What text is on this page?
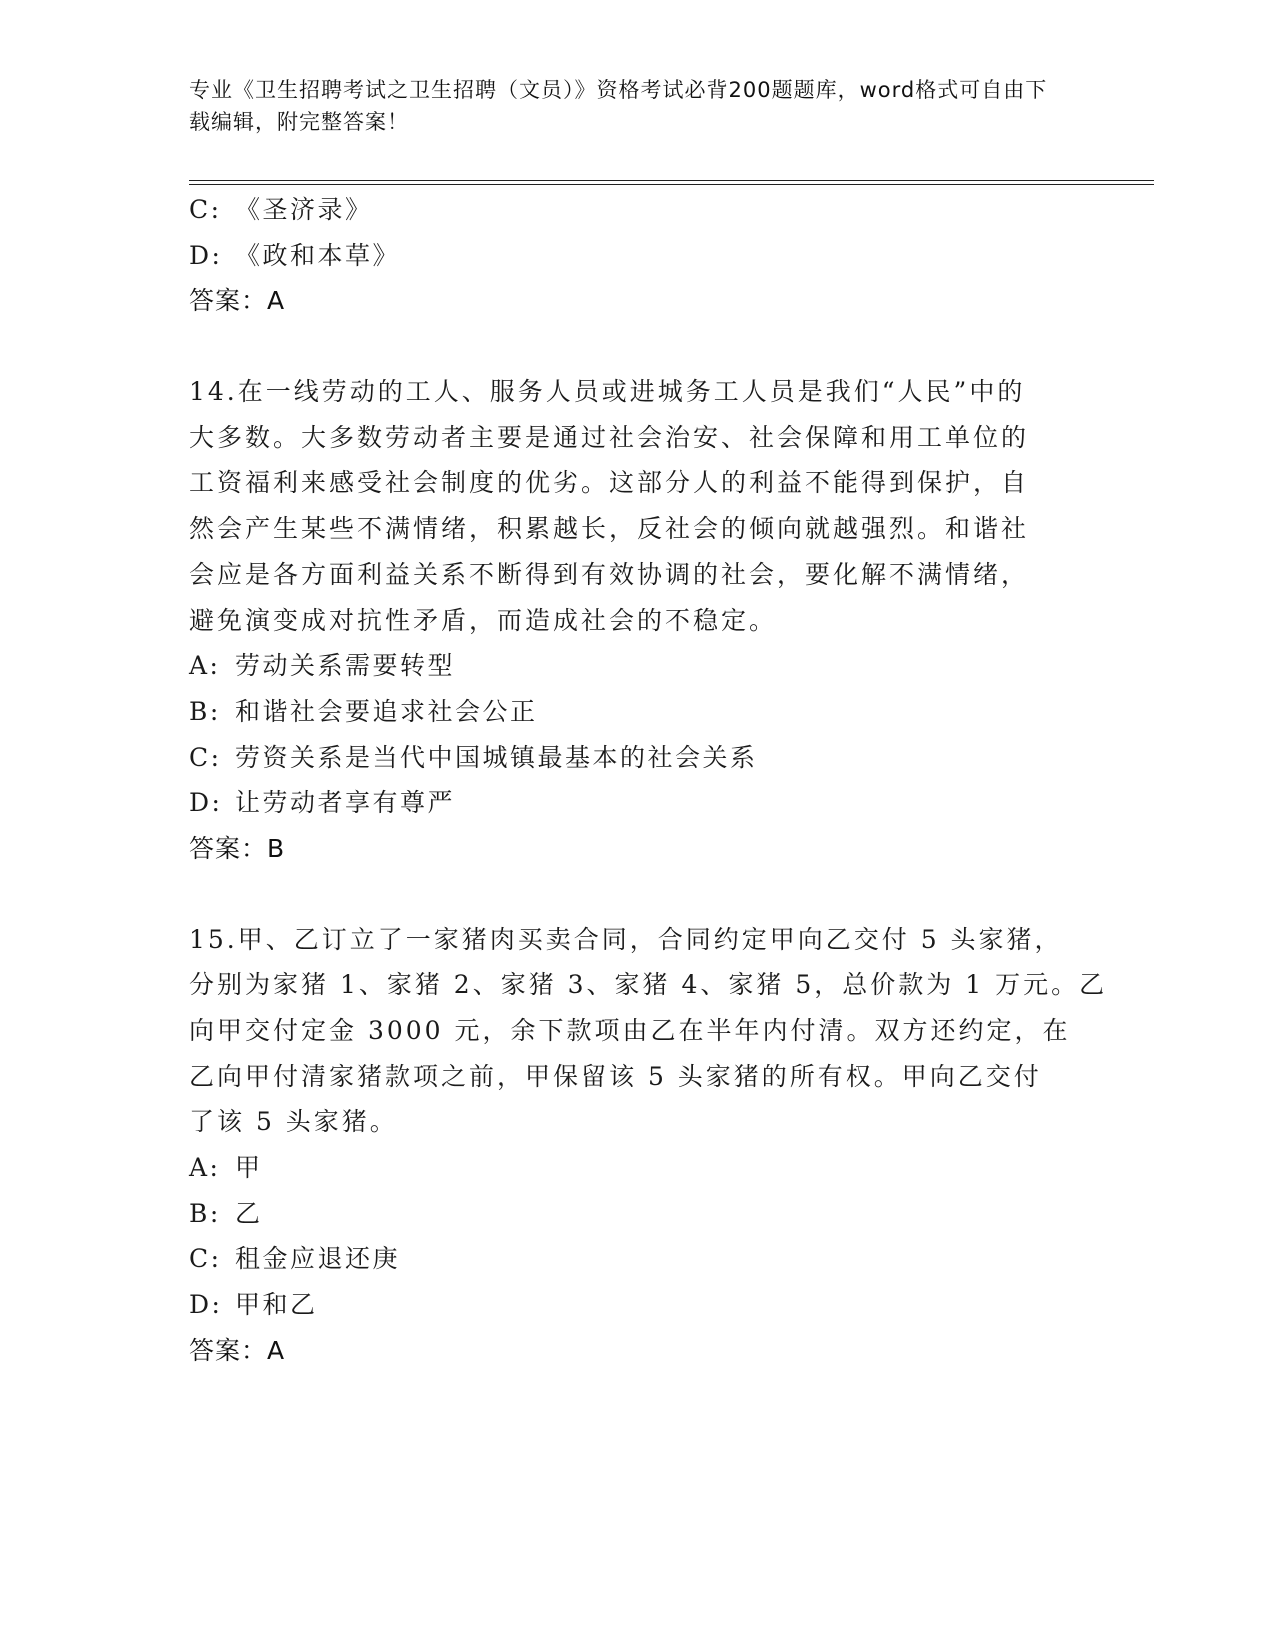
专业《卫生招聘考试之卫生招聘（文员）》资格考试必背200题题库，word格式可自由下载编辑，附完整答案！
C: 《圣济录》
D: 《政和本草》
答案：A
14.在一线劳动的工人、服务人员或进城务工人员是我们“人民”中的
大多数。大多数劳动者主要是通过社会治安、社会保障和用工单位的
工资福利来感受社会制度的优劣。这部分人的利益不能得到保护，自
然会产生某些不满情绪，积累越长，反社会的倾向就越强烈。和谐社
会应是各方面利益关系不断得到有效协调的社会，要化解不满情绪，
避免演变成对抗性矛盾，而造成社会的不稳定。
A: 劳动关系需要转型
B: 和谐社会要追求社会公正
C: 劳资关系是当代中国城镇最基本的社会关系
D: 让劳动者享有尊严
答案：B
15.甲、乙订立了一家猪肉买卖合同，合同约定甲向乙交付 5 头家猪，
分别为家猪 1、家猪 2、家猪 3、家猪 4、家猪 5，总价款为 1 万元。乙
向甲交付定金 3000 元，余下款项由乙在半年内付清。双方还约定，在
乙向甲付清家猪款项之前，甲保留该 5 头家猪的所有权。甲向乙交付
了该 5 头家猪。
A: 甲
B: 乙
C: 租金应退还庚
D: 甲和乙
答案：A
